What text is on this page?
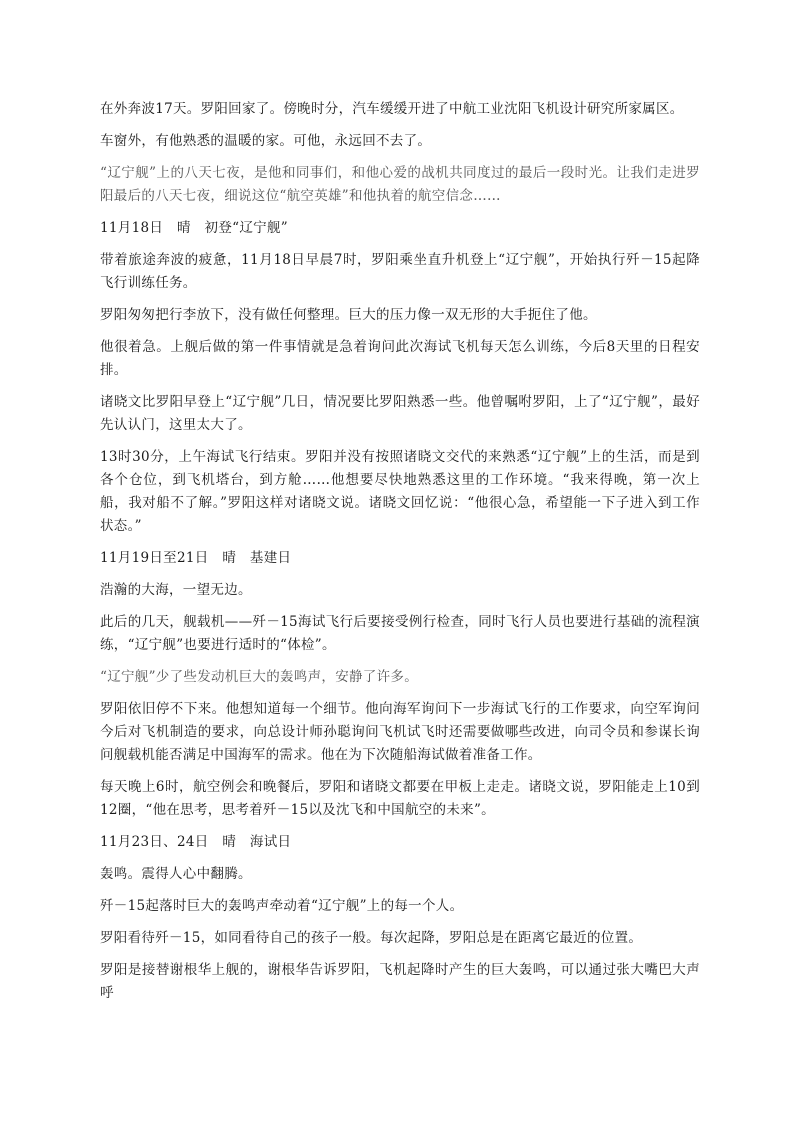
在外奔波17天。罗阳回家了。傍晚时分，汽车缓缓开进了中航工业沈阳飞机设计研究所家属区。

车窗外，有他熟悉的温暖的家。可他，永远回不去了。

“辽宁舰”上的八天七夜，是他和同事们，和他心爱的战机共同度过的最后一段时光。让我们走进罗阳最后的八天七夜，细说这位“航空英雄”和他执着的航空信念……

11月18日　晴　初登“辽宁舰”

带着旅途奔波的疲惫，11月18日早晨7时，罗阳乘坐直升机登上“辽宁舰”，开始执行歼－15起降飞行训练任务。

罗阳匆匆把行李放下，没有做任何整理。巨大的压力像一双无形的大手扼住了他。

他很着急。上舰后做的第一件事情就是急着询问此次海试飞机每天怎么训练，今后8天里的日程安排。

诸晓文比罗阳早登上“辽宁舰”几日，情况要比罗阳熟悉一些。他曾嘱咐罗阳，上了“辽宁舰”，最好先认认门，这里太大了。

13时30分，上午海试飞行结束。罗阳并没有按照诸晓文交代的来熟悉“辽宁舰”上的生活，而是到各个仓位，到飞机塔台，到方舱……他想要尽快地熟悉这里的工作环境。“我来得晚，第一次上船，我对船不了解。”罗阳这样对诸晓文说。诸晓文回忆说：“他很心急，希望能一下子进入到工作状态。”

11月19日至21日　晴　基建日

浩瀚的大海，一望无边。

此后的几天，舰载机——歼－15海试飞行后要接受例行检查，同时飞行人员也要进行基础的流程演练，“辽宁舰”也要进行适时的“体检”。

“辽宁舰”少了些发动机巨大的轰鸣声，安静了许多。

罗阳依旧停不下来。他想知道每一个细节。他向海军询问下一步海试飞行的工作要求，向空军询问今后对飞机制造的要求，向总设计师孙聪询问飞机试飞时还需要做哪些改进，向司令员和参谋长询问舰载机能否满足中国海军的需求。他在为下次随船海试做着准备工作。

每天晚上6时，航空例会和晚餐后，罗阳和诸晓文都要在甲板上走走。诸晓文说，罗阳能走上10到12圈，“他在思考，思考着歼－15以及沈飞和中国航空的未来”。

11月23日、24日　晴　海试日

轰鸣。震得人心中翻腾。

歼－15起落时巨大的轰鸣声牵动着“辽宁舰”上的每一个人。

罗阳看待歼－15，如同看待自己的孩子一般。每次起降，罗阳总是在距离它最近的位置。

罗阳是接替谢根华上舰的，谢根华告诉罗阳，飞机起降时产生的巨大轰鸣，可以通过张大嘴巴大声呼
